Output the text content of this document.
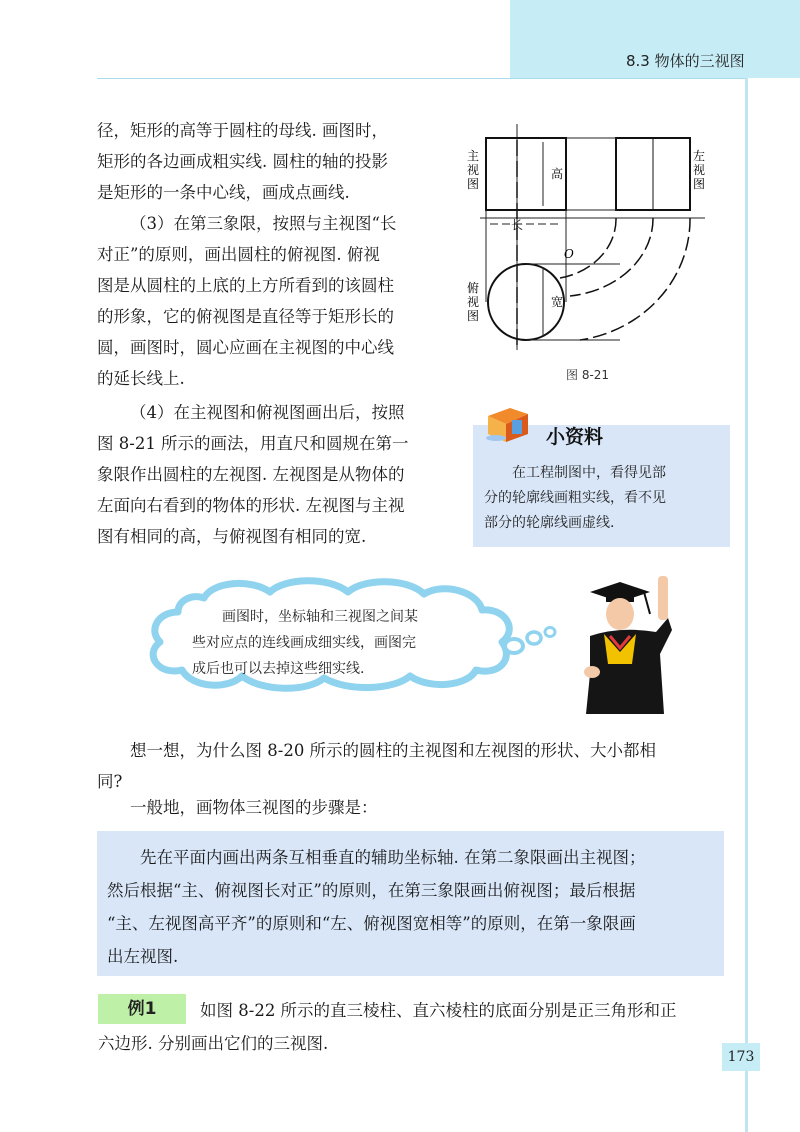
8.3 物体的三视图
径，矩形的高等于圆柱的母线. 画图时，
矩形的各边画成粗实线. 圆柱的轴的投影
是矩形的一条中心线，画成点画线.
（3）在第三象限，按照与主视图“长
对正”的原则，画出圆柱的俯视图. 俯视
图是从圆柱的上底的上方所看到的该圆柱
的形象，它的俯视图是直径等于矩形长的
圆，画图时，圆心应画在主视图的中心线
的延长线上.
（4）在主视图和俯视图画出后，按照
图 8-21 所示的画法，用直尺和圆规在第一
象限作出圆柱的左视图. 左视图是从物体的
左面向右看到的物体的形状. 左视图与主视
图有相同的高，与俯视图有相同的宽.
主
视
图
左
视
图
俯
视
图
高
长
宽
O
图 8-21
小资料
在工程制图中，看得见部
分的轮廓线画粗实线，看不见
部分的轮廓线画虚线.
画图时，坐标轴和三视图之间某
些对应点的连线画成细实线，画图完
成后也可以去掉这些细实线.
想一想，为什么图 8-20 所示的圆柱的主视图和左视图的形状、大小都相
同?
一般地，画物体三视图的步骤是：
先在平面内画出两条互相垂直的辅助坐标轴. 在第二象限画出主视图；
然后根据“主、俯视图长对正”的原则，在第三象限画出俯视图；最后根据
“主、左视图高平齐”的原则和“左、俯视图宽相等”的原则，在第一象限画
出左视图.
例1	如图 8-22 所示的直三棱柱、直六棱柱的底面分别是正三角形和正
六边形. 分别画出它们的三视图.
173
